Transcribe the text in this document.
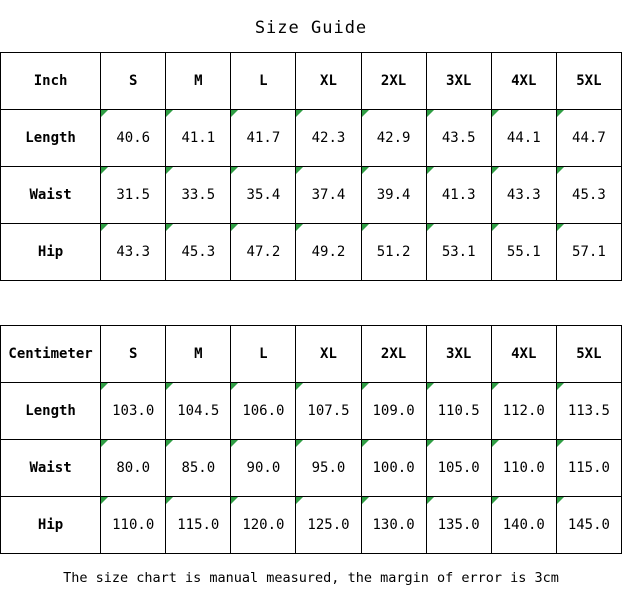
Size Guide
Inch	S	M	L	XL	2XL	3XL	4XL	5XL
Length	40.6	41.1	41.7	42.3	42.9	43.5	44.1	44.7
Waist	31.5	33.5	35.4	37.4	39.4	41.3	43.3	45.3
Hip	43.3	45.3	47.2	49.2	51.2	53.1	55.1	57.1
Centimeter	S	M	L	XL	2XL	3XL	4XL	5XL
Length	103.0	104.5	106.0	107.5	109.0	110.5	112.0	113.5
Waist	80.0	85.0	90.0	95.0	100.0	105.0	110.0	115.0
Hip	110.0	115.0	120.0	125.0	130.0	135.0	140.0	145.0
The size chart is manual measured, the margin of error is 3cm
